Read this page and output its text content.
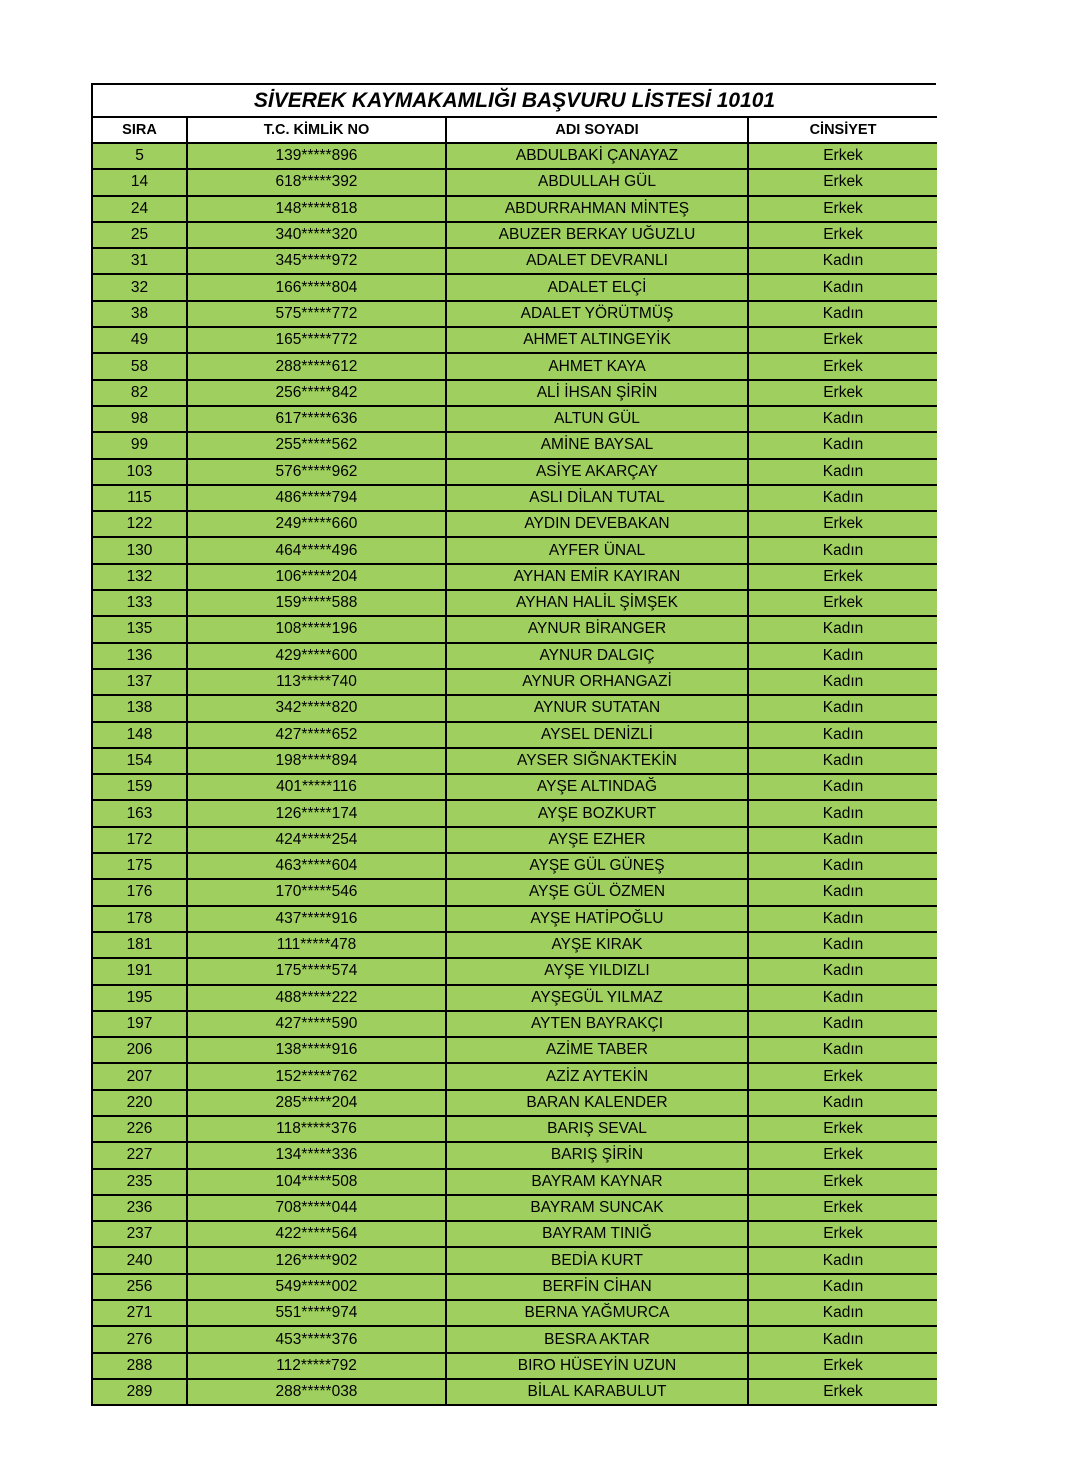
SİVEREK KAYMAKAMLIĞI BAŞVURU LİSTESİ 10101
SIRA	T.C. KİMLİK NO	ADI SOYADI	CİNSİYET
5	139*****896	ABDULBAKİ ÇANAYAZ	Erkek
14	618*****392	ABDULLAH GÜL	Erkek
24	148*****818	ABDURRAHMAN MİNTEŞ	Erkek
25	340*****320	ABUZER BERKAY UĞUZLU	Erkek
31	345*****972	ADALET DEVRANLI	Kadın
32	166*****804	ADALET ELÇİ	Kadın
38	575*****772	ADALET YÖRÜTMÜŞ	Kadın
49	165*****772	AHMET ALTINGEYİK	Erkek
58	288*****612	AHMET KAYA	Erkek
82	256*****842	ALİ İHSAN ŞİRİN	Erkek
98	617*****636	ALTUN GÜL	Kadın
99	255*****562	AMİNE BAYSAL	Kadın
103	576*****962	ASİYE AKARÇAY	Kadın
115	486*****794	ASLI DİLAN TUTAL	Kadın
122	249*****660	AYDIN DEVEBAKAN	Erkek
130	464*****496	AYFER ÜNAL	Kadın
132	106*****204	AYHAN EMİR KAYIRAN	Erkek
133	159*****588	AYHAN HALİL ŞİMŞEK	Erkek
135	108*****196	AYNUR BİRANGER	Kadın
136	429*****600	AYNUR DALGIÇ	Kadın
137	113*****740	AYNUR ORHANGAZİ	Kadın
138	342*****820	AYNUR SUTATAN	Kadın
148	427*****652	AYSEL DENİZLİ	Kadın
154	198*****894	AYSER SIĞNAKTEKİN	Kadın
159	401*****116	AYŞE ALTINDAĞ	Kadın
163	126*****174	AYŞE BOZKURT	Kadın
172	424*****254	AYŞE EZHER	Kadın
175	463*****604	AYŞE GÜL GÜNEŞ	Kadın
176	170*****546	AYŞE GÜL ÖZMEN	Kadın
178	437*****916	AYŞE HATİPOĞLU	Kadın
181	111*****478	AYŞE KIRAK	Kadın
191	175*****574	AYŞE YILDIZLI	Kadın
195	488*****222	AYŞEGÜL YILMAZ	Kadın
197	427*****590	AYTEN BAYRAKÇI	Kadın
206	138*****916	AZİME TABER	Kadın
207	152*****762	AZİZ AYTEKİN	Erkek
220	285*****204	BARAN KALENDER	Kadın
226	118*****376	BARIŞ SEVAL	Erkek
227	134*****336	BARIŞ ŞİRİN	Erkek
235	104*****508	BAYRAM KAYNAR	Erkek
236	708*****044	BAYRAM SUNCAK	Erkek
237	422*****564	BAYRAM TINIĞ	Erkek
240	126*****902	BEDİA KURT	Kadın
256	549*****002	BERFİN CİHAN	Kadın
271	551*****974	BERNA YAĞMURCA	Kadın
276	453*****376	BESRA AKTAR	Kadın
288	112*****792	BIRO HÜSEYİN UZUN	Erkek
289	288*****038	BİLAL KARABULUT	Erkek
